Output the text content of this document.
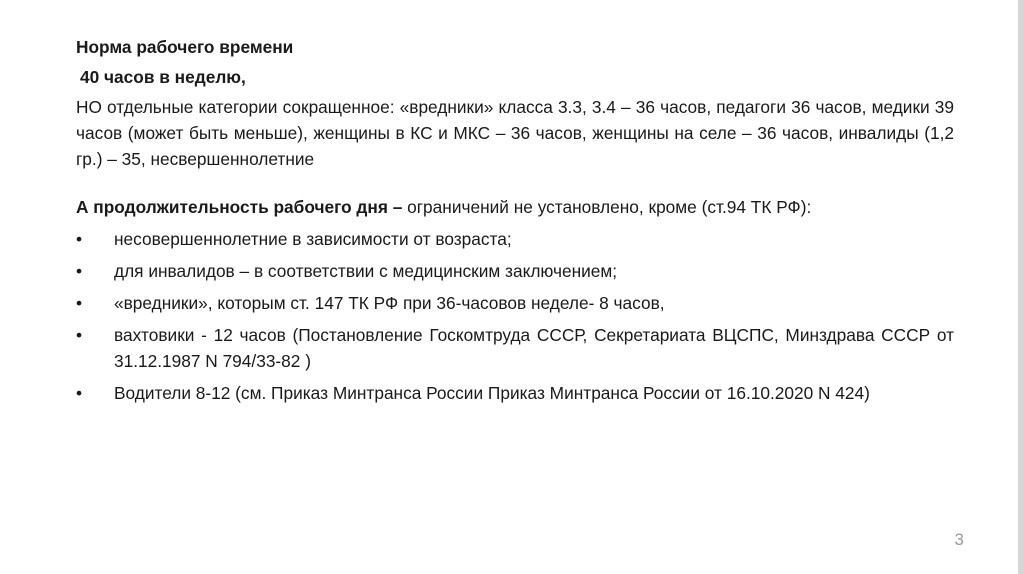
Норма рабочего времени

40 часов в неделю,

НО отдельные категории сокращенное: «вредники» класса 3.3, 3.4 – 36 часов, педагоги 36 часов, медики 39 часов (может быть меньше), женщины в КС и МКС – 36 часов, женщины на селе – 36 часов, инвалиды (1,2 гр.) – 35, несвершеннолетние

А продолжительность рабочего дня – ограничений не установлено, кроме (ст.94 ТК РФ):

•	несовершеннолетние в зависимости от возраста;
•	для инвалидов – в соответствии с медицинским заключением;
•	«вредники», которым ст. 147 ТК РФ при 36-часовов неделе- 8 часов,
•	вахтовики - 12 часов (Постановление Госкомтруда СССР, Секретариата ВЦСПС, Минздрава СССР от 31.12.1987 N 794/33-82 )
•	Водители 8-12 (см. Приказ Минтранса России Приказ Минтранса России от 16.10.2020 N 424)
3
